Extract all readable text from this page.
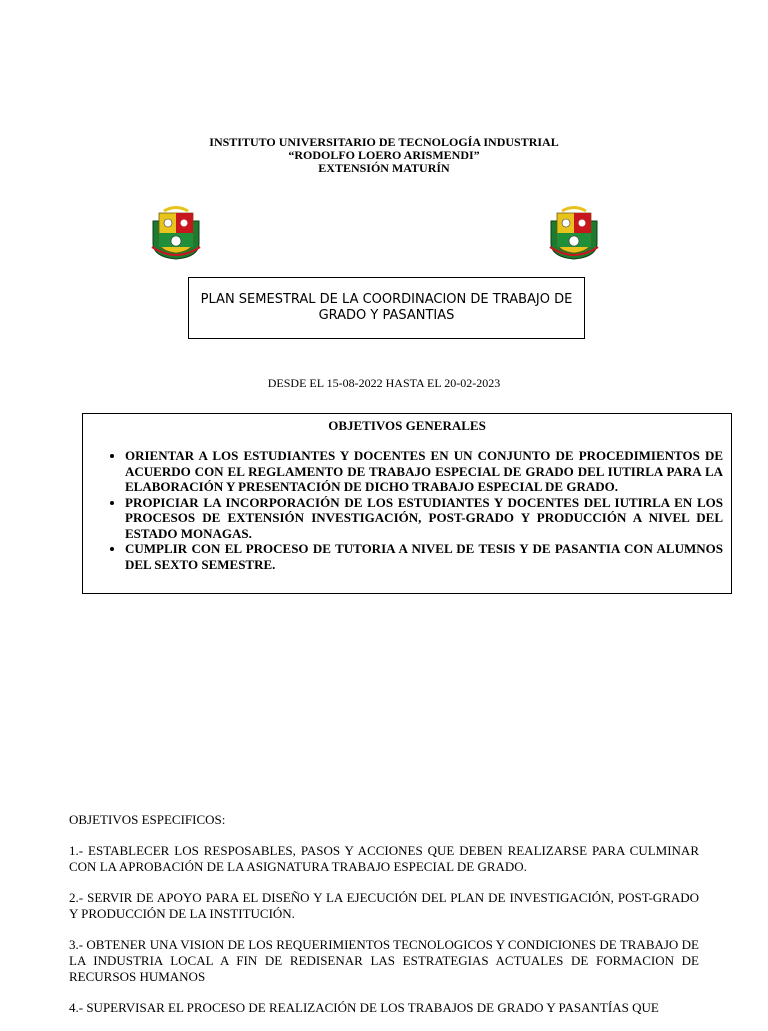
INSTITUTO UNIVERSITARIO DE TECNOLOGÍA INDUSTRIAL
“RODOLFO LOERO ARISMENDI”
EXTENSIÓN MATURÍN
PLAN SEMESTRAL DE LA COORDINACION DE TRABAJO DE GRADO Y PASANTIAS
DESDE EL 15-08-2022 HASTA EL 20-02-2023
OBJETIVOS GENERALES
• ORIENTAR A LOS ESTUDIANTES Y DOCENTES EN UN CONJUNTO DE PROCEDIMIENTOS DE ACUERDO CON EL REGLAMENTO DE TRABAJO ESPECIAL DE GRADO DEL IUTIRLA PARA LA ELABORACIÓN Y PRESENTACIÓN DE DICHO TRABAJO ESPECIAL DE GRADO.
• PROPICIAR LA INCORPORACIÓN DE LOS ESTUDIANTES Y DOCENTES DEL IUTIRLA EN LOS PROCESOS DE EXTENSIÓN INVESTIGACIÓN, POST-GRADO Y PRODUCCIÓN A NIVEL DEL ESTADO MONAGAS.
• CUMPLIR CON EL PROCESO DE TUTORIA A NIVEL DE TESIS Y DE PASANTIA CON ALUMNOS DEL SEXTO SEMESTRE.

OBJETIVOS ESPECIFICOS:

1.- ESTABLECER LOS RESPOSABLES, PASOS Y ACCIONES QUE DEBEN REALIZARSE PARA CULMINAR CON LA APROBACIÓN DE LA ASIGNATURA TRABAJO ESPECIAL DE GRADO.

2.- SERVIR DE APOYO PARA EL DISEÑO Y LA EJECUCIÓN DEL PLAN DE INVESTIGACIÓN, POST-GRADO Y PRODUCCIÓN DE LA INSTITUCIÓN.

3.- OBTENER UNA VISION DE LOS REQUERIMIENTOS TECNOLOGICOS Y CONDICIONES DE TRABAJO DE LA INDUSTRIA LOCAL A FIN DE REDISENAR LAS ESTRATEGIAS ACTUALES DE FORMACION DE RECURSOS HUMANOS

4.- SUPERVISAR EL PROCESO DE REALIZACIÓN DE LOS TRABAJOS DE GRADO Y PASANTÍAS QUE
